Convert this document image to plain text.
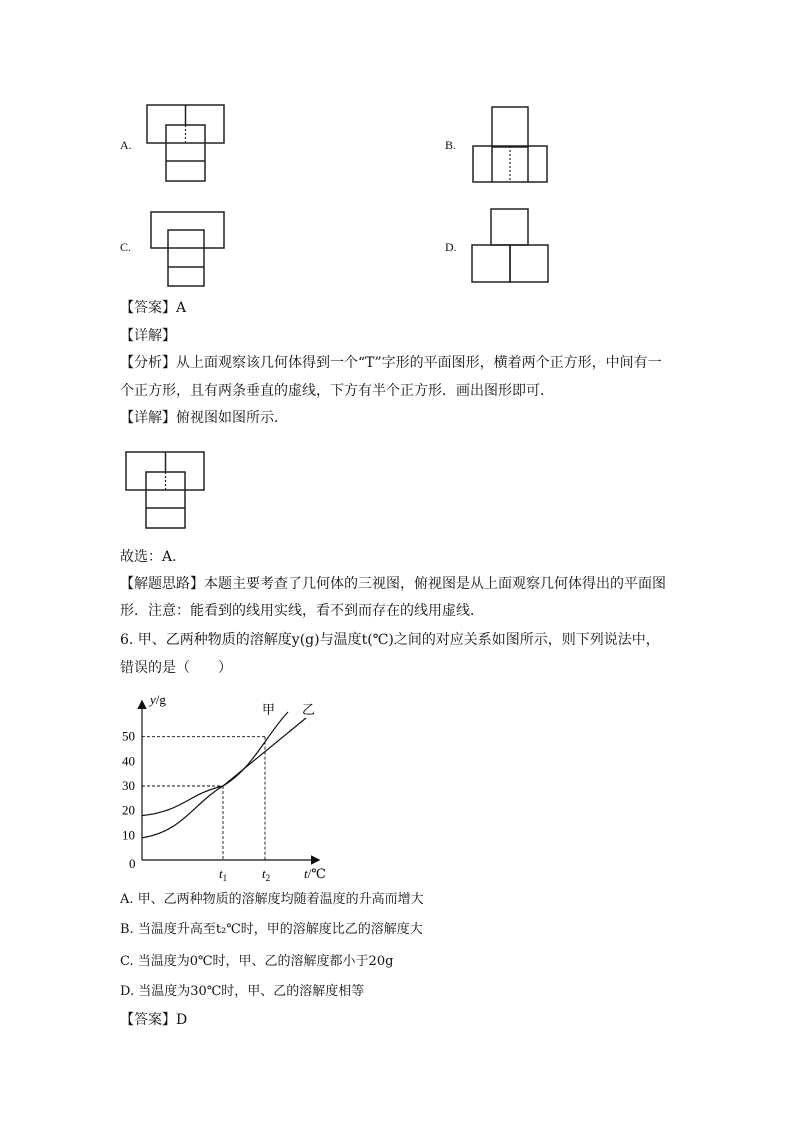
A.	B.
C.	D.
【答案】A
【详解】
【分析】从上面观察该几何体得到一个“T”字形的平面图形，横着两个正方形，中间有一
个正方形，且有两条垂直的虚线，下方有半个正方形．画出图形即可．
【详解】俯视图如图所示．
故选：A．
【解题思路】本题主要考查了几何体的三视图，俯视图是从上面观察几何体得出的平面图
形．注意：能看到的线用实线，看不到而存在的线用虚线．
6. 甲、乙两种物质的溶解度y(g)与温度t(℃)之间的对应关系如图所示，则下列说法中，
错误的是（　　）
y/g
t/℃
0
50
40
30
20
10
$t_1$	$t_2$
甲 乙
A. 甲、乙两种物质的溶解度均随着温度的升高而增大
B. 当温度升高至t₂℃时，甲的溶解度比乙的溶解度大
C. 当温度为0℃时，甲、乙的溶解度都小于20g
D. 当温度为30℃时，甲、乙的溶解度相等
【答案】D
